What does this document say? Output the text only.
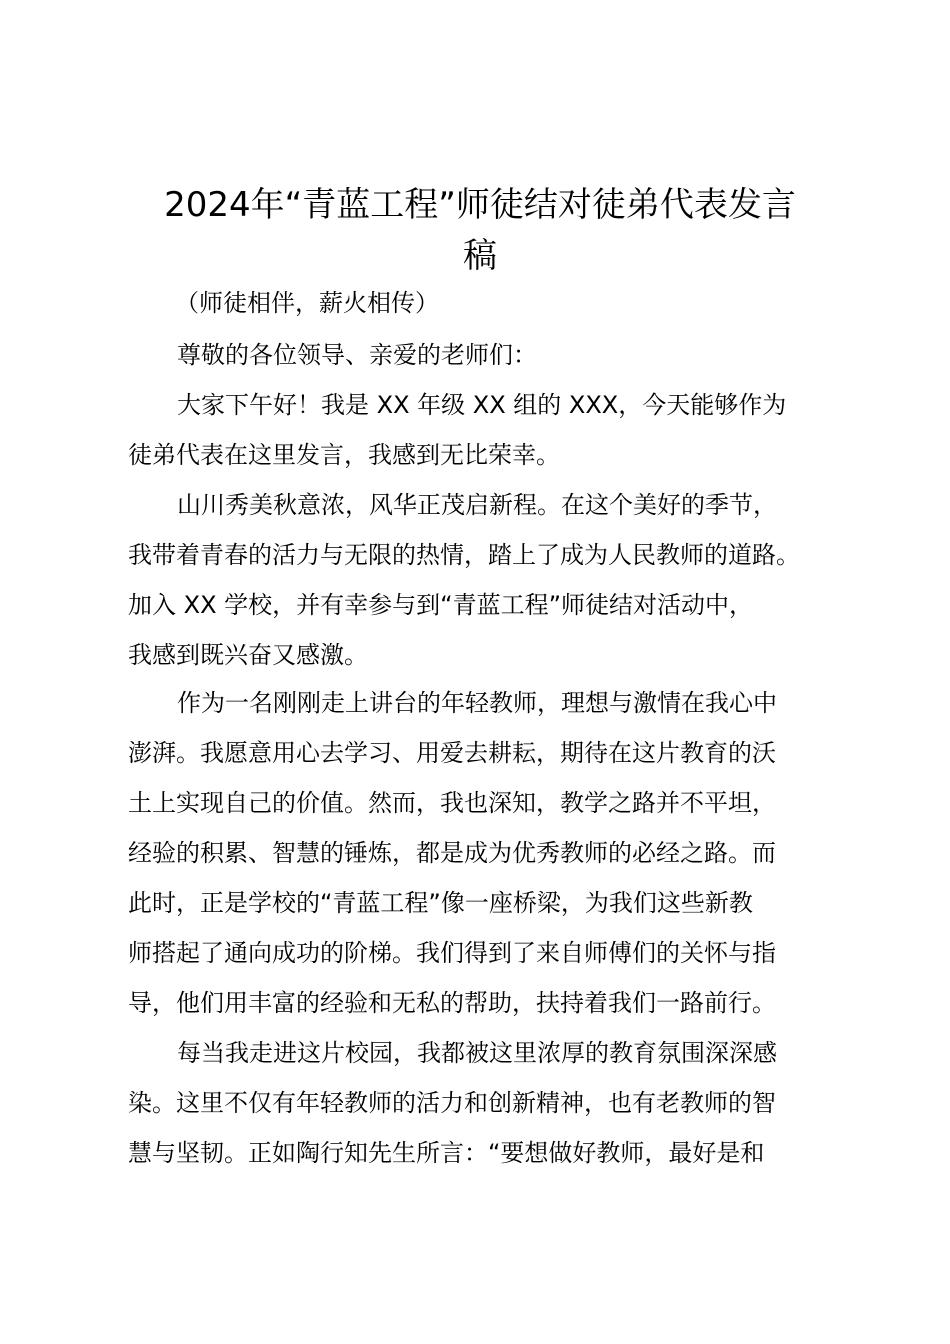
2024年“青蓝工程”师徒结对徒弟代表发言
稿

（师徒相伴，薪火相传）

尊敬的各位领导、亲爱的老师们：

大家下午好！我是 XX 年级 XX 组的 XXX，今天能够作为

徒弟代表在这里发言，我感到无比荣幸。

山川秀美秋意浓，风华正茂启新程。在这个美好的季节，

我带着青春的活力与无限的热情，踏上了成为人民教师的道路。

加入 XX 学校，并有幸参与到“青蓝工程”师徒结对活动中，

我感到既兴奋又感激。

作为一名刚刚走上讲台的年轻教师，理想与激情在我心中

澎湃。我愿意用心去学习、用爱去耕耘，期待在这片教育的沃

土上实现自己的价值。然而，我也深知，教学之路并不平坦，

经验的积累、智慧的锤炼，都是成为优秀教师的必经之路。而

此时，正是学校的“青蓝工程”像一座桥梁，为我们这些新教

师搭起了通向成功的阶梯。我们得到了来自师傅们的关怀与指

导，他们用丰富的经验和无私的帮助，扶持着我们一路前行。

每当我走进这片校园，我都被这里浓厚的教育氛围深深感

染。这里不仅有年轻教师的活力和创新精神，也有老教师的智

慧与坚韧。正如陶行知先生所言：“要想做好教师，最好是和
